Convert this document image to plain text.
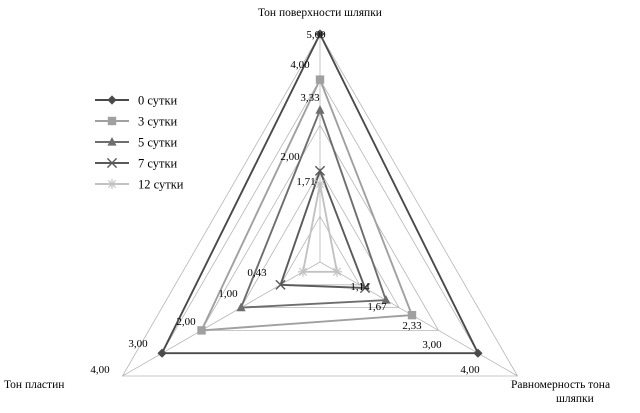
5,00
4,00
3,33
2,00
1,71
0,43
1,00
2,00
3,00
4,00
1,14
1,67
2,33
3,00
4,00
Тон поверхности шляпки
Тон пластин	Равномерность тона
шляпки
0 сутки
3 сутки
5 сутки
7 сутки
12 сутки
